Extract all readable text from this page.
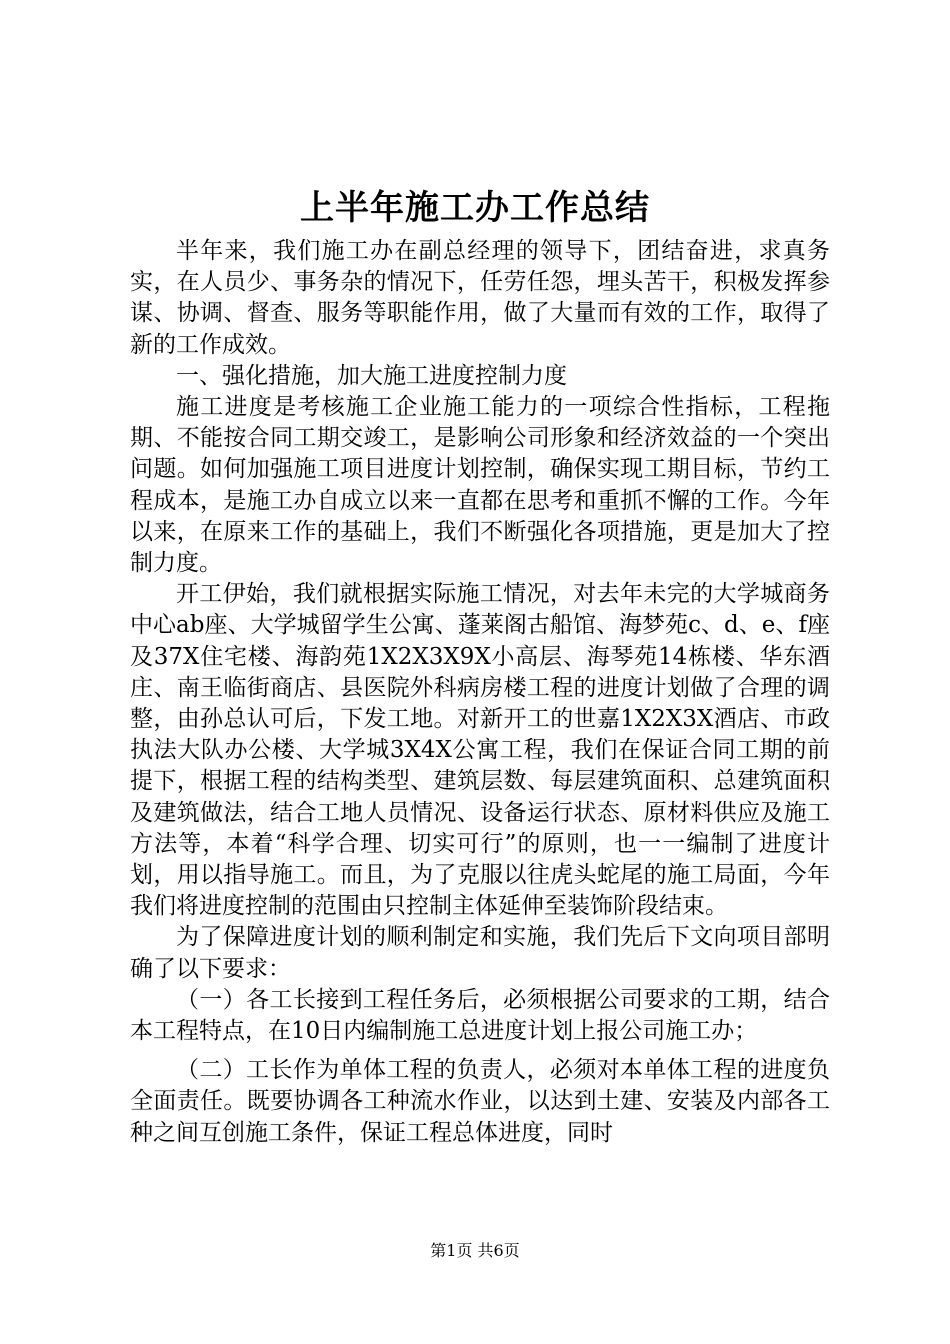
上半年施工办工作总结

半年来，我们施工办在副总经理的领导下，团结奋进，求真务实，在人员少、事务杂的情况下，任劳任怨，埋头苦干，积极发挥参谋、协调、督查、服务等职能作用，做了大量而有效的工作，取得了新的工作成效。

一、强化措施，加大施工进度控制力度

施工进度是考核施工企业施工能力的一项综合性指标，工程拖期、不能按合同工期交竣工，是影响公司形象和经济效益的一个突出问题。如何加强施工项目进度计划控制，确保实现工期目标，节约工程成本，是施工办自成立以来一直都在思考和重抓不懈的工作。今年以来，在原来工作的基础上，我们不断强化各项措施，更是加大了控制力度。

开工伊始，我们就根据实际施工情况，对去年未完的大学城商务中心ab座、大学城留学生公寓、蓬莱阁古船馆、海梦苑c、d、e、f座及37X住宅楼、海韵苑1X2X3X9X小高层、海琴苑14栋楼、华东酒庄、南王临街商店、县医院外科病房楼工程的进度计划做了合理的调整，由孙总认可后，下发工地。对新开工的世嘉1X2X3X酒店、市政执法大队办公楼、大学城3X4X公寓工程，我们在保证合同工期的前提下，根据工程的结构类型、建筑层数、每层建筑面积、总建筑面积及建筑做法，结合工地人员情况、设备运行状态、原材料供应及施工方法等，本着“科学合理、切实可行”的原则，也一一编制了进度计划，用以指导施工。而且，为了克服以往虎头蛇尾的施工局面，今年我们将进度控制的范围由只控制主体延伸至装饰阶段结束。

为了保障进度计划的顺利制定和实施，我们先后下文向项目部明确了以下要求：

（一）各工长接到工程任务后，必须根据公司要求的工期，结合本工程特点，在10日内编制施工总进度计划上报公司施工办；

（二）工长作为单体工程的负责人，必须对本单体工程的进度负全面责任。既要协调各工种流水作业，以达到土建、安装及内部各工种之间互创施工条件，保证工程总体进度，同时

第1页 共6页
